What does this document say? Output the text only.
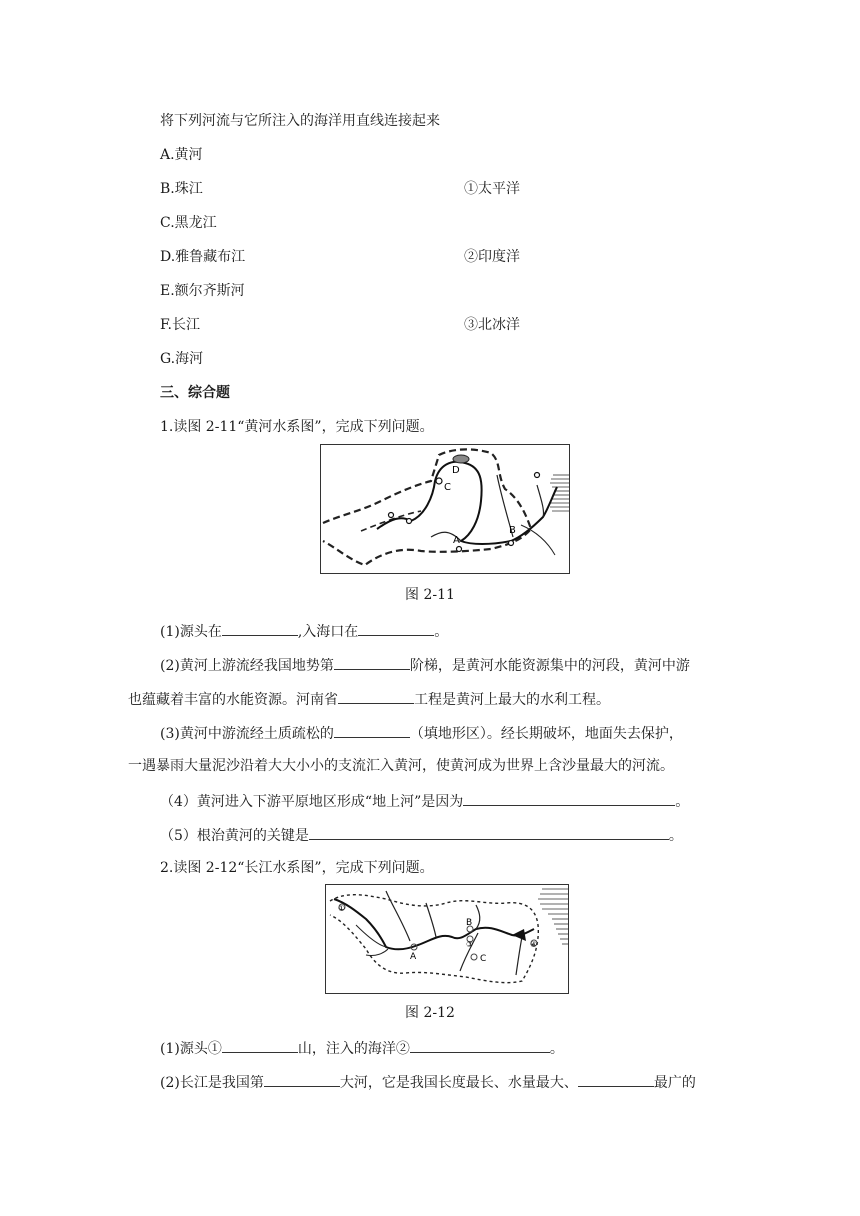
将下列河流与它所注入的海洋用直线连接起来
A.黄河
B.珠江
C.黑龙江
D.雅鲁藏布江
E.额尔齐斯河
F.长江
G.海河
①太平洋
②印度洋
③北冰洋
三、综合题
1.读图 2-11“黄河水系图”，完成下列问题。
D
C
A
B
图 2-11
(1)源头在	,入海口在	。
(2)黄河上游流经我国地势第	阶梯，是黄河水能资源集中的河段，黄河中游
也蕴藏着丰富的水能资源。河南省	工程是黄河上最大的水利工程。
(3)黄河中游流经土质疏松的	（填地形区）。经长期破坏，地面失去保护，
一遇暴雨大量泥沙沿着大大小小的支流汇入黄河，使黄河成为世界上含沙量最大的河流。
（4）黄河进入下游平原地区形成“地上河”是因为	。
（5）根治黄河的关键是	。
2.读图 2-12“长江水系图”，完成下列问题。
①
A
B
③
C
④
图 2-12
(1)源头①	山，注入的海洋②	。
(2)长江是我国第	大河，它是我国长度最长、水量最大、	最广的
